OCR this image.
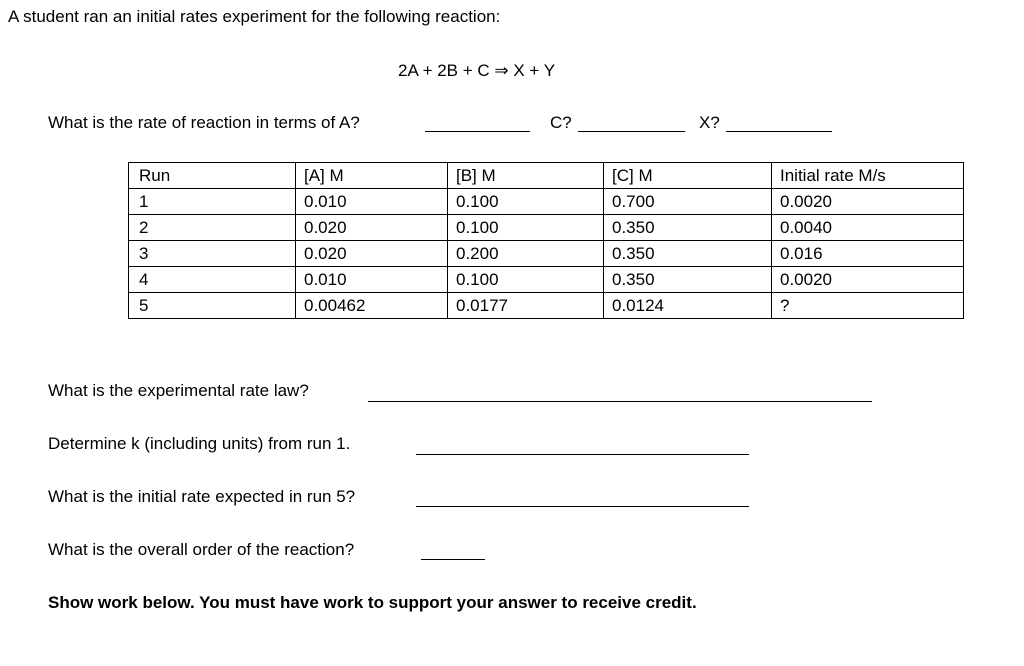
A student ran an initial rates experiment for the following reaction:
2A + 2B + C ⇒ X + Y
What is the rate of reaction in terms of A?	C?	X?
Run	[A] M	[B] M	[C] M	Initial rate M/s
1	0.010	0.100	0.700	0.0020
2	0.020	0.100	0.350	0.0040
3	0.020	0.200	0.350	0.016
4	0.010	0.100	0.350	0.0020
5	0.00462	0.0177	0.0124	?
What is the experimental rate law?
Determine k (including units) from run 1.
What is the initial rate expected in run 5?
What is the overall order of the reaction?
Show work below. You must have work to support your answer to receive credit.
